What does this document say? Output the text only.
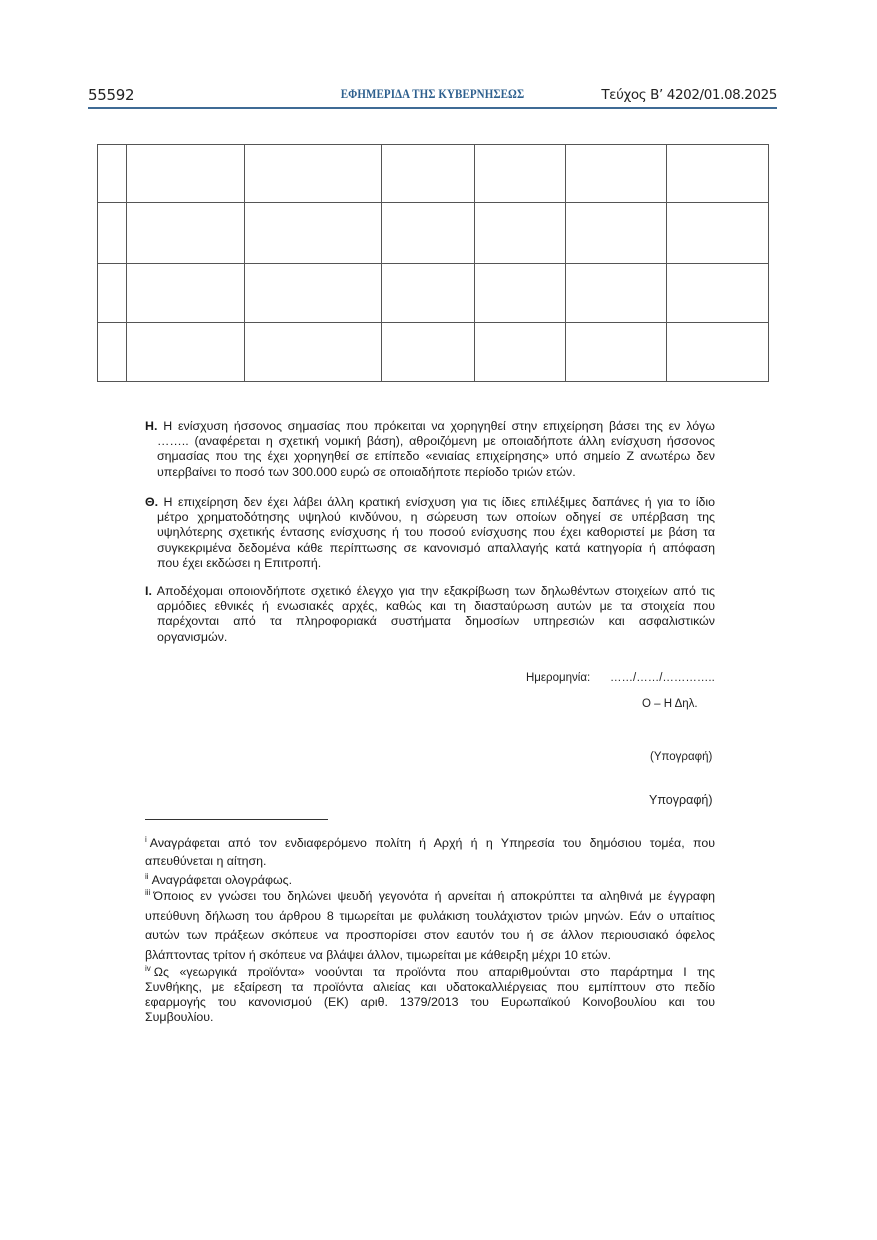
55592	ΕΦΗΜΕΡΙΔΑ ΤΗΣ ΚΥΒΕΡΝΗΣΕΩΣ	Τεύχος Β’ 4202/01.08.2025

Η. Η ενίσχυση ήσσονος σημασίας που πρόκειται να χορηγηθεί στην επιχείρηση βάσει της εν λόγω
…….. (αναφέρεται η σχετική νομική βάση), αθροιζόμενη με οποιαδήποτε άλλη ενίσχυση ήσσονος
σημασίας που της έχει χορηγηθεί σε επίπεδο «ενιαίας επιχείρησης» υπό σημείο Ζ ανωτέρω δεν
υπερβαίνει το ποσό των 300.000 ευρώ σε οποιαδήποτε περίοδο τριών ετών.
Θ. Η επιχείρηση δεν έχει λάβει άλλη κρατική ενίσχυση για τις ίδιες επιλέξιμες δαπάνες ή για το ίδιο
μέτρο χρηματοδότησης υψηλού κινδύνου, η σώρευση των οποίων οδηγεί σε υπέρβαση της
υψηλότερης σχετικής έντασης ενίσχυσης ή του ποσού ενίσχυσης που έχει καθοριστεί με βάση τα
συγκεκριμένα δεδομένα κάθε περίπτωσης σε κανονισμό απαλλαγής κατά κατηγορία ή απόφαση
που έχει εκδώσει η Επιτροπή.
Ι. Αποδέχομαι οποιονδήποτε σχετικό έλεγχο για την εξακρίβωση των δηλωθέντων στοιχείων από τις
αρμόδιες εθνικές ή ενωσιακές αρχές, καθώς και τη διασταύρωση αυτών με τα στοιχεία που
παρέχονται από τα πληροφοριακά συστήματα δημοσίων υπηρεσιών και ασφαλιστικών
οργανισμών.
Ημερομηνία: ……/……/…………..
Ο – Η Δηλ.
(Υπογραφή)
Υπογραφή)
$^i$ Αναγράφεται από τον ενδιαφερόμενο πολίτη ή Αρχή ή η Υπηρεσία του δημόσιου τομέα, που
απευθύνεται η αίτηση.
$^{ii}$ Αναγράφεται ολογράφως.
$^{iii}$ Όποιος εν γνώσει του δηλώνει ψευδή γεγονότα ή αρνείται ή αποκρύπτει τα αληθινά με έγγραφη
υπεύθυνη δήλωση του άρθρου 8 τιμωρείται με φυλάκιση τουλάχιστον τριών μηνών. Εάν ο υπαίτιος
αυτών των πράξεων σκόπευε να προσπορίσει στον εαυτόν του ή σε άλλον περιουσιακό όφελος
βλάπτοντας τρίτον ή σκόπευε να βλάψει άλλον, τιμωρείται με κάθειρξη μέχρι 10 ετών.
$^{iv}$ Ως «γεωργικά προϊόντα» νοούνται τα προϊόντα που απαριθμούνται στο παράρτημα Ι της
Συνθήκης, με εξαίρεση τα προϊόντα αλιείας και υδατοκαλλιέργειας που εμπίπτουν στο πεδίο
εφαρμογής του κανονισμού (ΕΚ) αριθ. 1379/2013 του Ευρωπαϊκού Κοινοβουλίου και του
Συμβουλίου.
